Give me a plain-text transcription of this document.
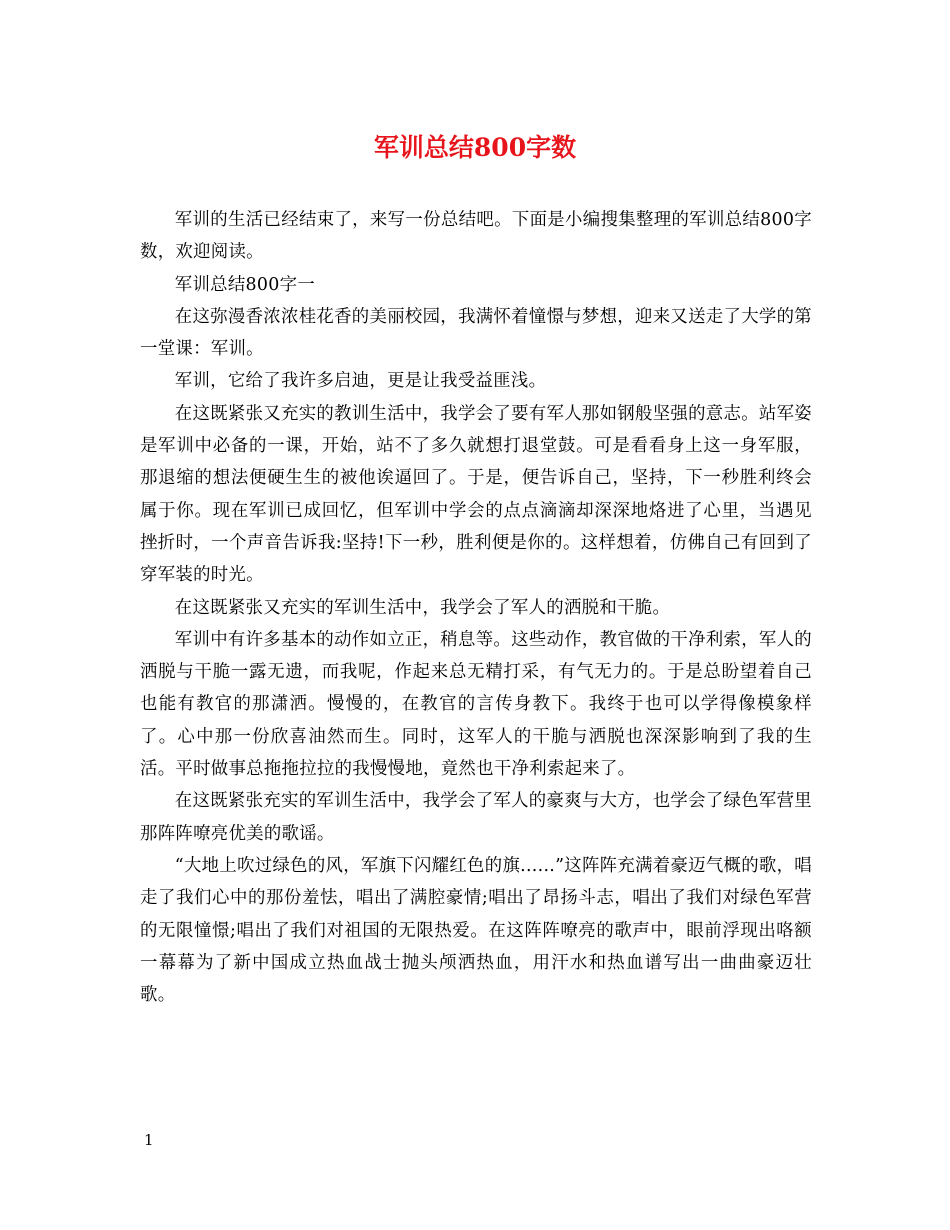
军训总结800字数

军训的生活已经结束了，来写一份总结吧。下面是小编搜集整理的军训总结800字数，欢迎阅读。

军训总结800字一

在这弥漫香浓浓桂花香的美丽校园，我满怀着憧憬与梦想，迎来又送走了大学的第一堂课：军训。

军训，它给了我许多启迪，更是让我受益匪浅。

在这既紧张又充实的教训生活中，我学会了要有军人那如钢般坚强的意志。站军姿是军训中必备的一课，开始，站不了多久就想打退堂鼓。可是看看身上这一身军服，那退缩的想法便硬生生的被他诶逼回了。于是，便告诉自己，坚持，下一秒胜利终会属于你。现在军训已成回忆，但军训中学会的点点滴滴却深深地烙进了心里，当遇见挫折时，一个声音告诉我:坚持!下一秒，胜利便是你的。这样想着，仿佛自己有回到了穿军装的时光。

在这既紧张又充实的军训生活中，我学会了军人的洒脱和干脆。

军训中有许多基本的动作如立正，稍息等。这些动作，教官做的干净利索，军人的洒脱与干脆一露无遗，而我呢，作起来总无精打采，有气无力的。于是总盼望着自己也能有教官的那潇洒。慢慢的，在教官的言传身教下。我终于也可以学得像模象样了。心中那一份欣喜油然而生。同时，这军人的干脆与洒脱也深深影响到了我的生活。平时做事总拖拖拉拉的我慢慢地，竟然也干净利索起来了。

在这既紧张充实的军训生活中，我学会了军人的豪爽与大方，也学会了绿色军营里那阵阵嘹亮优美的歌谣。

“大地上吹过绿色的风，军旗下闪耀红色的旗......”这阵阵充满着豪迈气概的歌，唱走了我们心中的那份羞怯，唱出了满腔豪情;唱出了昂扬斗志，唱出了我们对绿色军营的无限憧憬;唱出了我们对祖国的无限热爱。在这阵阵嘹亮的歌声中，眼前浮现出咯额一幕幕为了新中国成立热血战士抛头颅洒热血，用汗水和热血谱写出一曲曲豪迈壮歌。

1
